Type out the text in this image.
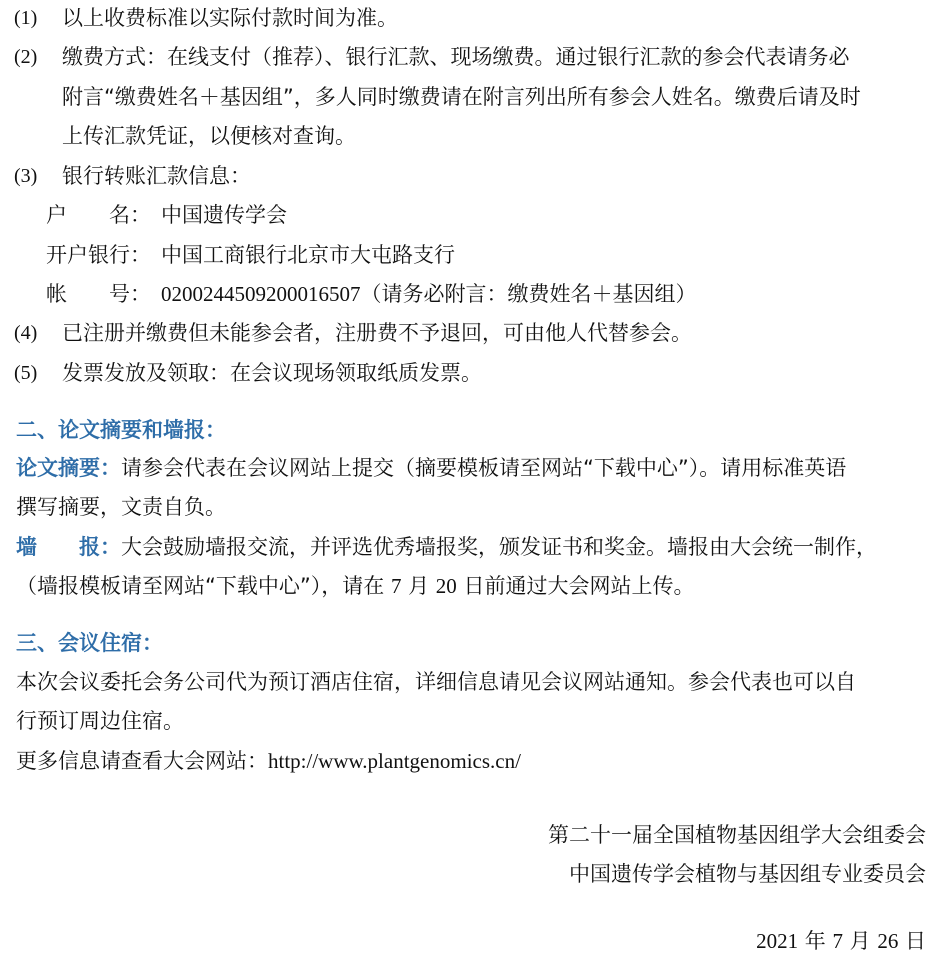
(1) 以上收费标准以实际付款时间为准。
(2) 缴费方式：在线支付（推荐）、银行汇款、现场缴费。通过银行汇款的参会代表请务必
附言“缴费姓名＋基因组”，多人同时缴费请在附言列出所有参会人姓名。缴费后请及时
上传汇款凭证，以便核对查询。
(3) 银行转账汇款信息：
户　　名： 中国遗传学会
开户银行： 中国工商银行北京市大屯路支行
帐　　号： 0200244509200016507（请务必附言：缴费姓名＋基因组）
(4) 已注册并缴费但未能参会者，注册费不予退回，可由他人代替参会。
(5) 发票发放及领取：在会议现场领取纸质发票。
二、论文摘要和墙报：
论文摘要：请参会代表在会议网站上提交（摘要模板请至网站“下载中心”）。请用标准英语
撰写摘要，文责自负。
墙　　报：大会鼓励墙报交流，并评选优秀墙报奖，颁发证书和奖金。墙报由大会统一制作，
（墙报模板请至网站“下载中心”），请在 7 月 20 日前通过大会网站上传。
三、会议住宿：
本次会议委托会务公司代为预订酒店住宿，详细信息请见会议网站通知。参会代表也可以自
行预订周边住宿。
更多信息请查看大会网站：http://www.plantgenomics.cn/
第二十一届全国植物基因组学大会组委会
中国遗传学会植物与基因组专业委员会
2021 年 7 月 26 日
